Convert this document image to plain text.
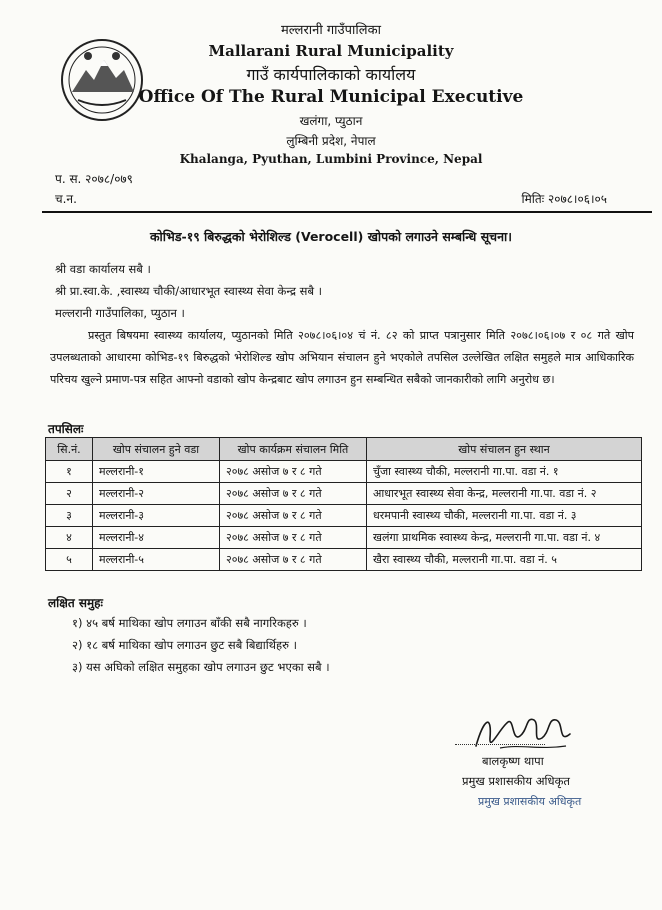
मल्लरानी गाउँपालिका
Mallarani Rural Municipality
गाउँ कार्यपालिकाको कार्यालय
Office Of The Rural Municipal Executive
खलंगा, प्युठान
लुम्बिनी प्रदेश, नेपाल
Khalanga, Pyuthan, Lumbini Province, Nepal
प. स. २०७८/०७९
च.न.	मितिः २०७८।०६।०५
कोभिड-१९ बिरुद्धको भेरोशिल्ड (Verocell) खोपको लगाउने सम्बन्धि सूचना।
श्री वडा कार्यालय सबै ।
श्री प्रा.स्वा.के. ,स्वास्थ्य चौकी/आधारभूत स्वास्थ्य सेवा केन्द्र सबै ।
मल्लरानी गाउँपालिका, प्युठान ।
प्रस्तुत बिषयमा स्वास्थ्य कार्यालय, प्युठानको मिति २०७८।०६।०४ चं नं. ८२ को प्राप्त पत्रानुसार मिति २०७८।०६।०७ र ०८ गते खोप उपलब्धताको आधारमा कोभिड-१९ बिरुद्धको भेरोशिल्ड खोप अभियान संचालन हुने भएकोले तपसिल उल्लेखित लक्षित समुहले मात्र आधिकारिक परिचय खुल्ने प्रमाण-पत्र सहित आफ्नो वडाको खोप केन्द्रबाट खोप लगाउन हुन सम्बन्धित सबैको जानकारीको लागि अनुरोध छ।
तपसिलः
सि.नं.	खोप संचालन हुने वडा	खोप कार्यक्रम संचालन मिति	खोप संचालन हुन स्थान
१	मल्लरानी-१	२०७८ असोज ७ र ८ गते	चुँजा स्वास्थ्य चौकी, मल्लरानी गा.पा. वडा नं. १
२	मल्लरानी-२	२०७८ असोज ७ र ८ गते	आधारभूत स्वास्थ्य सेवा केन्द्र, मल्लरानी गा.पा. वडा नं. २
३	मल्लरानी-३	२०७८ असोज ७ र ८ गते	धरमपानी स्वास्थ्य चौकी, मल्लरानी गा.पा. वडा नं. ३
४	मल्लरानी-४	२०७८ असोज ७ र ८ गते	खलंगा प्राथमिक स्वास्थ्य केन्द्र, मल्लरानी गा.पा. वडा नं. ४
५	मल्लरानी-५	२०७८ असोज ७ र ८ गते	खैरा स्वास्थ्य चौकी, मल्लरानी गा.पा. वडा नं. ५
लक्षित समुहः
१) ४५ बर्ष माथिका खोप लगाउन बाँकी सबै नागरिकहरु ।
२) १८ बर्ष माथिका खोप लगाउन छुट सबै बिद्यार्थिहरु ।
३) यस अघिको लक्षित समुहका खोप लगाउन छुट भएका सबै ।
बालकृष्ण थापा
प्रमुख प्रशासकीय अधिकृत
प्रमुख प्रशासकीय अधिकृत
